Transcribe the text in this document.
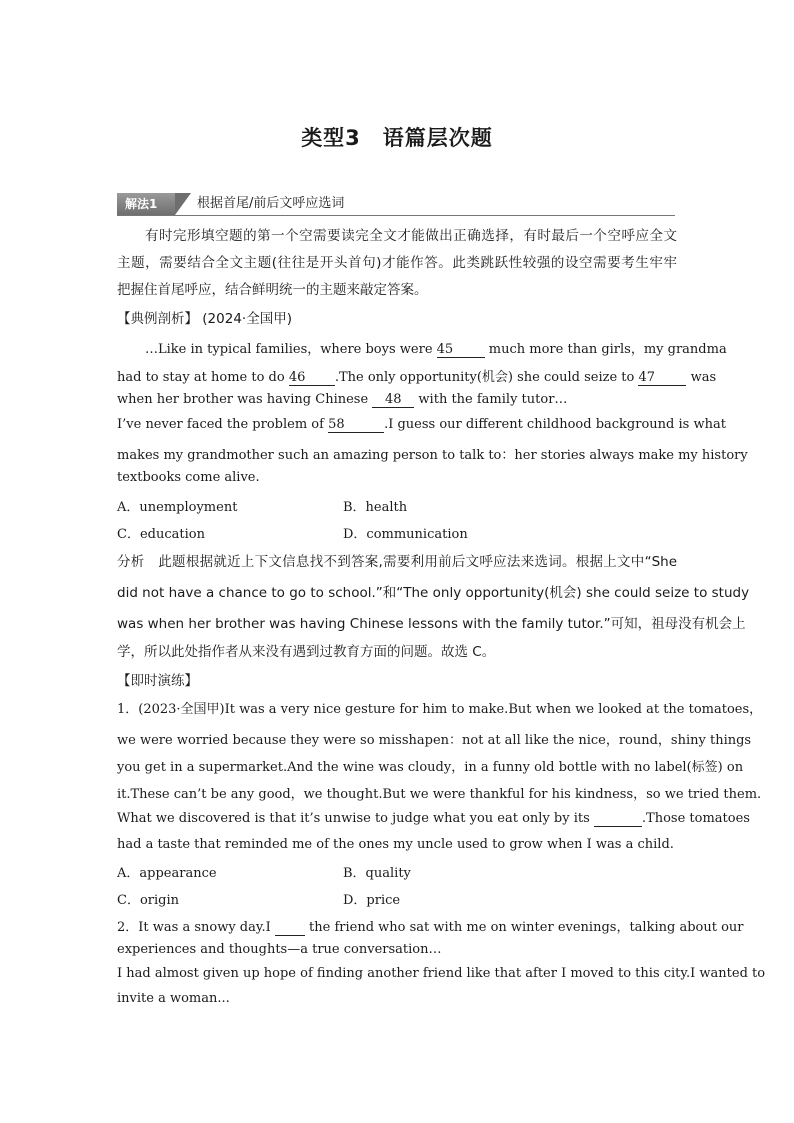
类型3　语篇层次题
解法1	根据首尾/前后文呼应选词
有时完形填空题的第一个空需要读完全文才能做出正确选择，有时最后一个空呼应全文
主题，需要结合全文主题(往往是开头首句)才能作答。此类跳跃性较强的设空需要考生牢牢
把握住首尾呼应，结合鲜明统一的主题来敲定答案。
【典例剖析】 (2024·全国甲)
…Like in typical families，where boys were 45 much more than girls，my grandma
had to stay at home to do 46 .The only opportunity(机会) she could seize to 47 was
when her brother was having Chinese 48 with the family tutor…
I’ve never faced the problem of 58	.I guess our different childhood background is what
makes my grandmother such an amazing person to talk to：her stories always make my history
textbooks come alive.
A．unemployment	B．health
C．education	D．communication
分析　此题根据就近上下文信息找不到答案,需要利用前后文呼应法来选词。根据上文中“She
did not have a chance to go to school.”和“The only opportunity(机会) she could seize to study
was when her brother was having Chinese lessons with the family tutor.”可知，祖母没有机会上
学，所以此处指作者从来没有遇到过教育方面的问题。故选 C。
【即时演练】
1．(2023·全国甲)It was a very nice gesture for him to make.But when we looked at the tomatoes，
we were worried because they were so misshapen：not at all like the nice，round，shiny things
you get in a supermarket.And the wine was cloudy，in a funny old bottle with no label(标签) on
it.These can’t be any good，we thought.But we were thankful for his kindness，so we tried them.
What we discovered is that it’s unwise to judge what you eat only by its	.Those tomatoes
had a taste that reminded me of the ones my uncle used to grow when I was a child.
A．appearance	B．quality
C．origin	D．price
2．It was a snowy day.I   the friend who sat with me on winter evenings，talking about our
experiences and thoughts—a true conversation…
I had almost given up hope of finding another friend like that after I moved to this city.I wanted to
invite a woman...
